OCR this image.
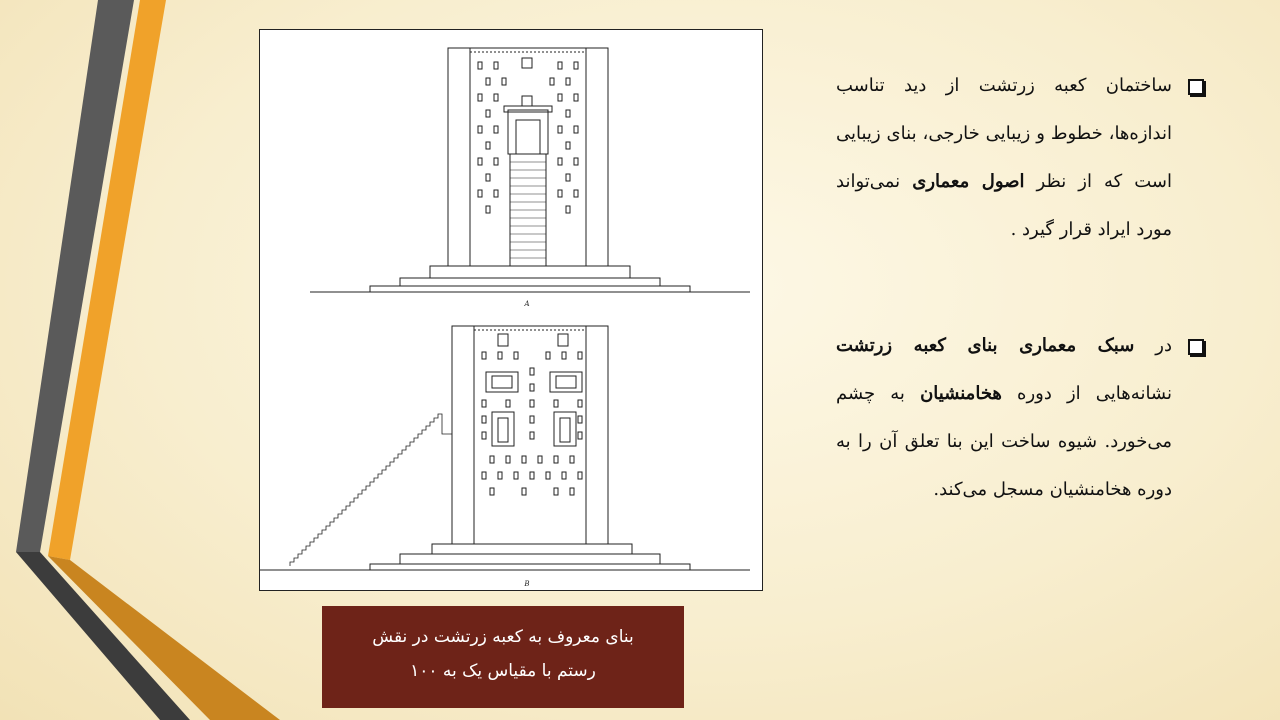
A
B

بنای معروف به کعبه زرتشت در نقش

رستم با مقیاس یک به ۱۰۰

ساختمان کعبه زرتشت از دید تناسب اندازه‌ها، خطوط و زیبایی خارجی، بنای زیبایی است که از نظر اصول معماری نمی‌تواند مورد ایراد قرار گیرد .
در سبک معماری بنای کعبه زرتشت نشانه‌هایی از دوره هخامنشیان به چشم می‌خورد. شیوه ساخت این بنا تعلق آن را به دوره هخامنشیان مسجل می‌کند.
